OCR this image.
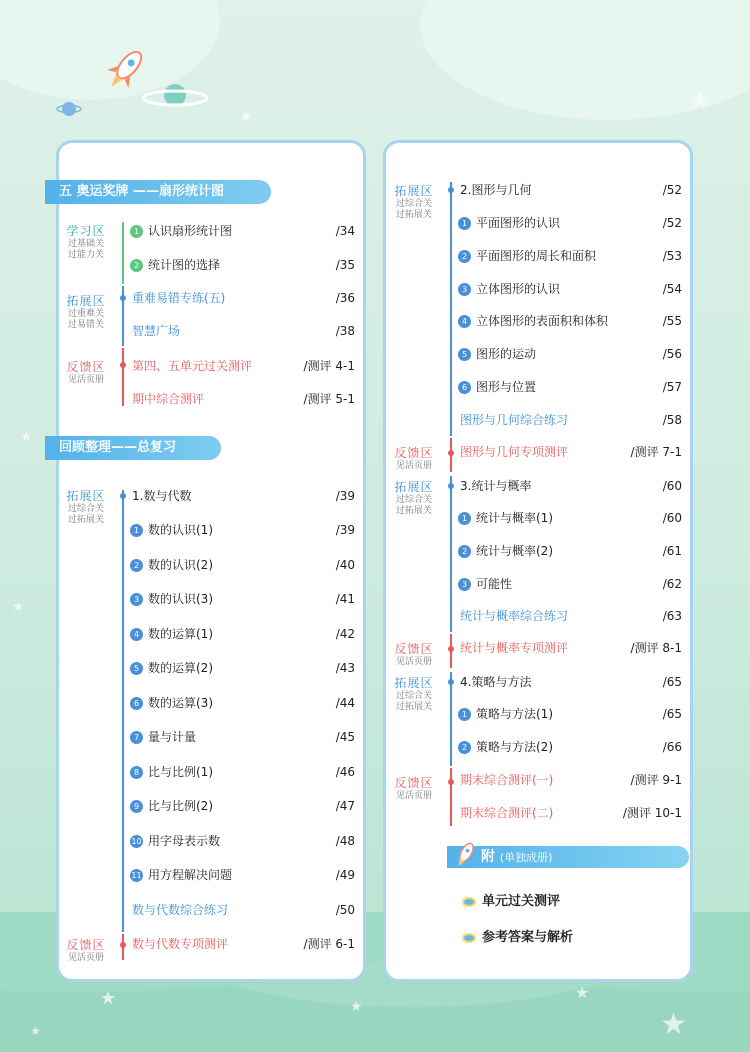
★
★
★
★
★	★
★
★
★
五 奥运奖牌 ——扇形统计图
学习区
过基础关
过能力关
拓展区
过重难关
过易错关
反馈区
见活页册
1 认识扇形统计图	/34
2 统计图的选择	/35
重难易错专练(五)	/36
智慧广场	/38
第四、五单元过关测评	/测评 4-1
期中综合测评	/测评 5-1
回顾整理——总复习
拓展区
过综合关
过拓展关
反馈区
见活页册
1.数与代数	/39
1 数的认识(1)	/39
2 数的认识(2)	/40
3 数的认识(3)	/41
4 数的运算(1)	/42
5 数的运算(2)	/43
6 数的运算(3)	/44
7 量与计量	/45
8 比与比例(1)	/46
9 比与比例(2)	/47
10 用字母表示数	/48
11 用方程解决问题	/49
数与代数综合练习	/50
数与代数专项测评	/测评 6-1
拓展区
过综合关
过拓展关
2.图形与几何	/52
1 平面图形的认识	/52
2 平面图形的周长和面积	/53
3 立体图形的认识	/54
4 立体图形的表面积和体积	/55
5 图形的运动	/56
6 图形与位置	/57
图形与几何综合练习	/58
反馈区
见活页册
图形与几何专项测评	/测评 7-1
拓展区
过综合关
过拓展关
3.统计与概率	/60
1 统计与概率(1)	/60
2 统计与概率(2)	/61
3 可能性	/62
统计与概率综合练习	/63
反馈区
见活页册
统计与概率专项测评	/测评 8-1
拓展区
过综合关
过拓展关
4.策略与方法	/65
1 策略与方法(1)	/65
2 策略与方法(2)	/66
反馈区
见活页册
期末综合测评(一)	/测评 9-1
期末综合测评(二)	/测评 10-1
附 (单独成册)
单元过关测评
参考答案与解析
